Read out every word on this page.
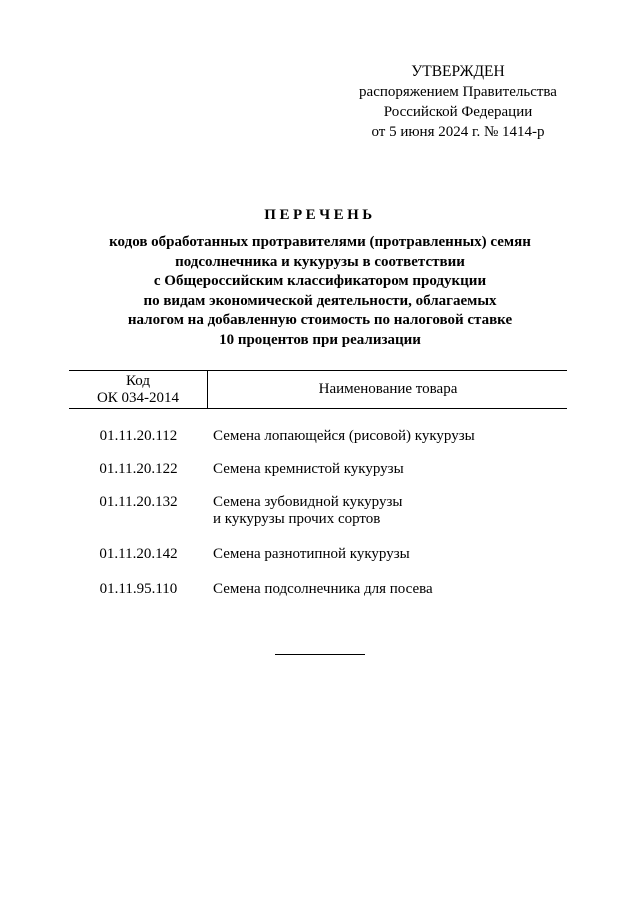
УТВЕРЖДЕН
распоряжением Правительства
Российской Федерации
от 5 июня 2024 г. № 1414-р
ПЕРЕЧЕНЬ
кодов обработанных протравителями (протравленных) семян
подсолнечника и кукурузы в соответствии
с Общероссийским классификатором продукции
по видам экономической деятельности, облагаемых
налогом на добавленную стоимость по налоговой ставке
10 процентов при реализации
Код
ОК 034-2014
Наименование товара
01.11.20.112	Семена лопающейся (рисовой) кукурузы
01.11.20.122	Семена кремнистой кукурузы
01.11.20.132	Семена зубовидной кукурузы
и кукурузы прочих сортов
01.11.20.142	Семена разнотипной кукурузы
01.11.95.110	Семена подсолнечника для посева
